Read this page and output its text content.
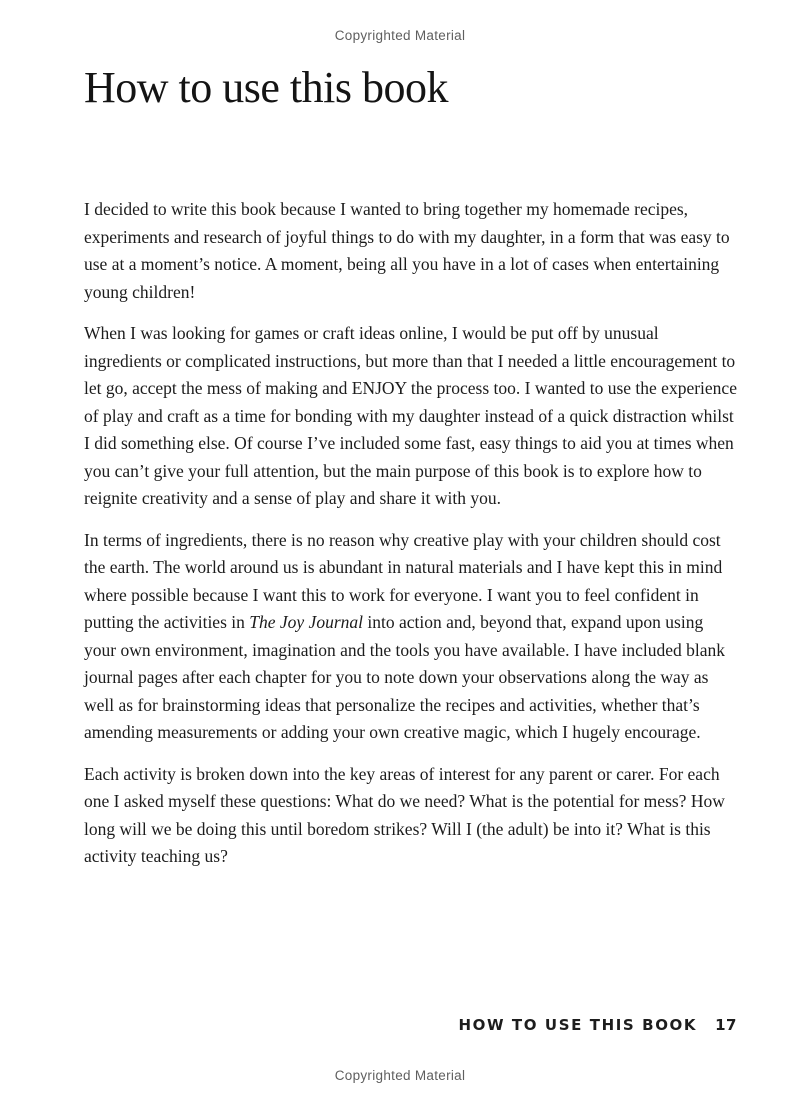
Copyrighted Material
How to use this book

I decided to write this book because I wanted to bring together my homemade recipes, experiments and research of joyful things to do with my daughter, in a form that was easy to use at a moment’s notice. A moment, being all you have in a lot of cases when entertaining young children!

When I was looking for games or craft ideas online, I would be put off by unusual ingredients or complicated instructions, but more than that I needed a little encouragement to let go, accept the mess of making and ENJOY the process too. I wanted to use the experience of play and craft as a time for bonding with my daughter instead of a quick distraction whilst I did something else. Of course I’ve included some fast, easy things to aid you at times when you can’t give your full attention, but the main purpose of this book is to explore how to reignite creativity and a sense of play and share it with you.

In terms of ingredients, there is no reason why creative play with your children should cost the earth. The world around us is abundant in natural materials and I have kept this in mind where possible because I want this to work for everyone. I want you to feel confident in putting the activities in The Joy Journal into action and, beyond that, expand upon using your own environment, imagination and the tools you have available. I have included blank journal pages after each chapter for you to note down your observations along the way as well as for brainstorming ideas that personalize the recipes and activities, whether that’s amending measurements or adding your own creative magic, which I hugely encourage.

Each activity is broken down into the key areas of interest for any parent or carer. For each one I asked myself these questions: What do we need? What is the potential for mess? How long will we be doing this until boredom strikes? Will I (the adult) be into it? What is this activity teaching us?

HOW TO USE THIS BOOK 17
Copyrighted Material
